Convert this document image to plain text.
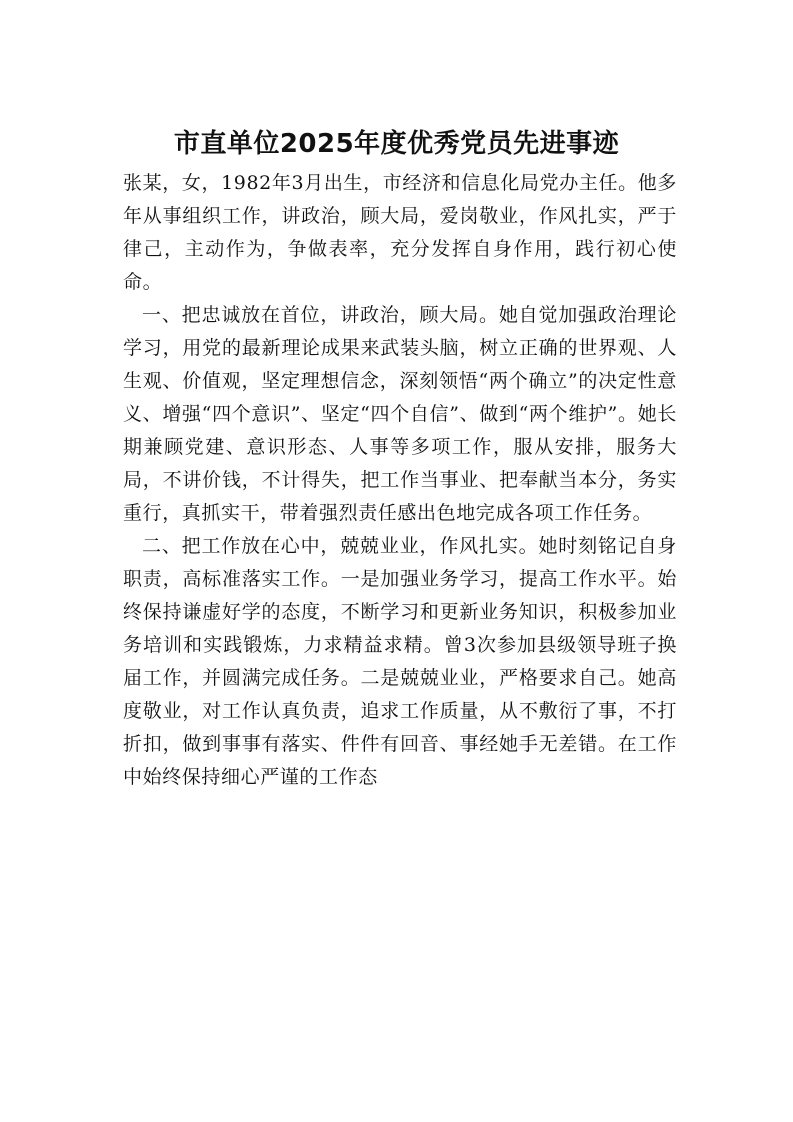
市直单位2025年度优秀党员先进事迹

张某，女，1982年3月出生，市经济和信息化局党办主任。他多年从事组织工作，讲政治，顾大局，爱岗敬业，作风扎实，严于律己，主动作为，争做表率，充分发挥自身作用，践行初心使命。

一、把忠诚放在首位，讲政治，顾大局。她自觉加强政治理论学习，用党的最新理论成果来武装头脑，树立正确的世界观、人生观、价值观，坚定理想信念，深刻领悟“两个确立”的决定性意义、增强“四个意识”、坚定“四个自信”、做到“两个维护”。她长期兼顾党建、意识形态、人事等多项工作，服从安排，服务大局，不讲价钱，不计得失，把工作当事业、把奉献当本分，务实重行，真抓实干，带着强烈责任感出色地完成各项工作任务。

二、把工作放在心中，兢兢业业，作风扎实。她时刻铭记自身职责，高标准落实工作。一是加强业务学习，提高工作水平。始终保持谦虚好学的态度，不断学习和更新业务知识，积极参加业务培训和实践锻炼，力求精益求精。曾3次参加县级领导班子换届工作，并圆满完成任务。二是兢兢业业，严格要求自己。她高度敬业，对工作认真负责，追求工作质量，从不敷衍了事，不打折扣，做到事事有落实、件件有回音、事经她手无差错。在工作中始终保持细心严谨的工作态
